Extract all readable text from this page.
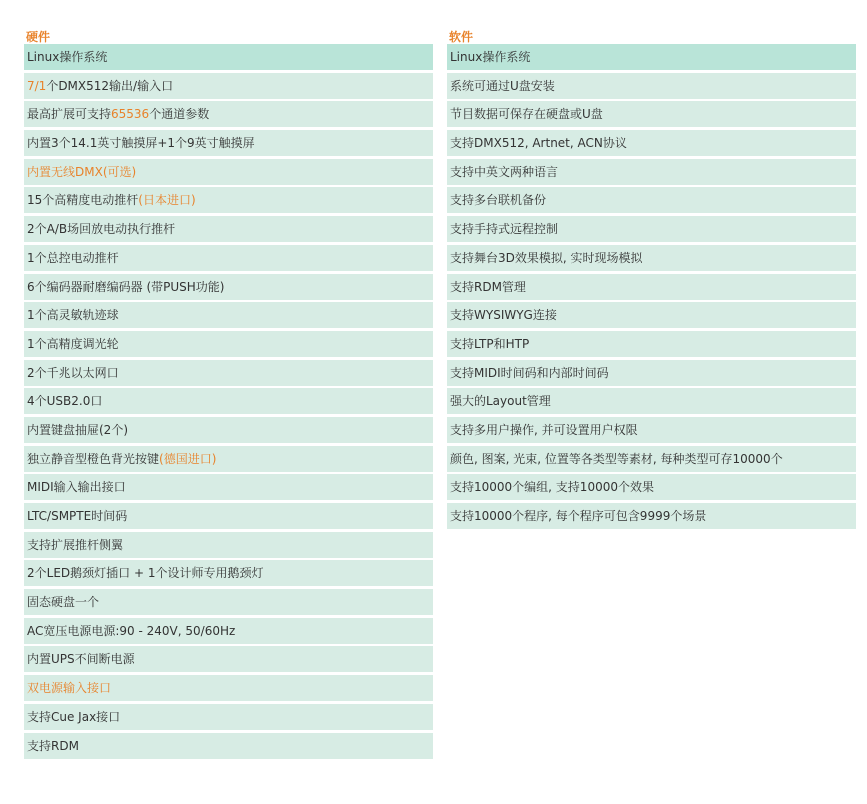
硬件
Linux操作系统
7/1个DMX512输出/输入口
最高扩展可支持65536个通道参数
内置3个14.1英寸触摸屏+1个9英寸触摸屏
内置无线DMX(可选)
15个高精度电动推杆(日本进口)
2个A/B场回放电动执行推杆
1个总控电动推杆
6个编码器耐磨编码器 (带PUSH功能)
1个高灵敏轨迹球
1个高精度调光轮
2个千兆以太网口
4个USB2.0口
内置键盘抽屉(2个)
独立静音型橙色背光按键(德国进口)
MIDI输入输出接口
LTC/SMPTE时间码
支持扩展推杆侧翼
2个LED鹅颈灯插口 + 1个设计师专用鹅颈灯
固态硬盘一个
AC宽压电源电源:90 - 240V, 50/60Hz
内置UPS不间断电源
双电源输入接口
支持Cue Jax接口
支持RDM
软件
Linux操作系统
系统可通过U盘安装
节目数据可保存在硬盘或U盘
支持DMX512, Artnet, ACN协议
支持中英文两种语言
支持多台联机备份
支持手持式远程控制
支持舞台3D效果模拟, 实时现场模拟
支持RDM管理
支持WYSIWYG连接
支持LTP和HTP
支持MIDI时间码和内部时间码
强大的Layout管理
支持多用户操作, 并可设置用户权限
颜色, 图案, 光束, 位置等各类型等素材, 每种类型可存10000个
支持10000个编组, 支持10000个效果
支持10000个程序, 每个程序可包含9999个场景
